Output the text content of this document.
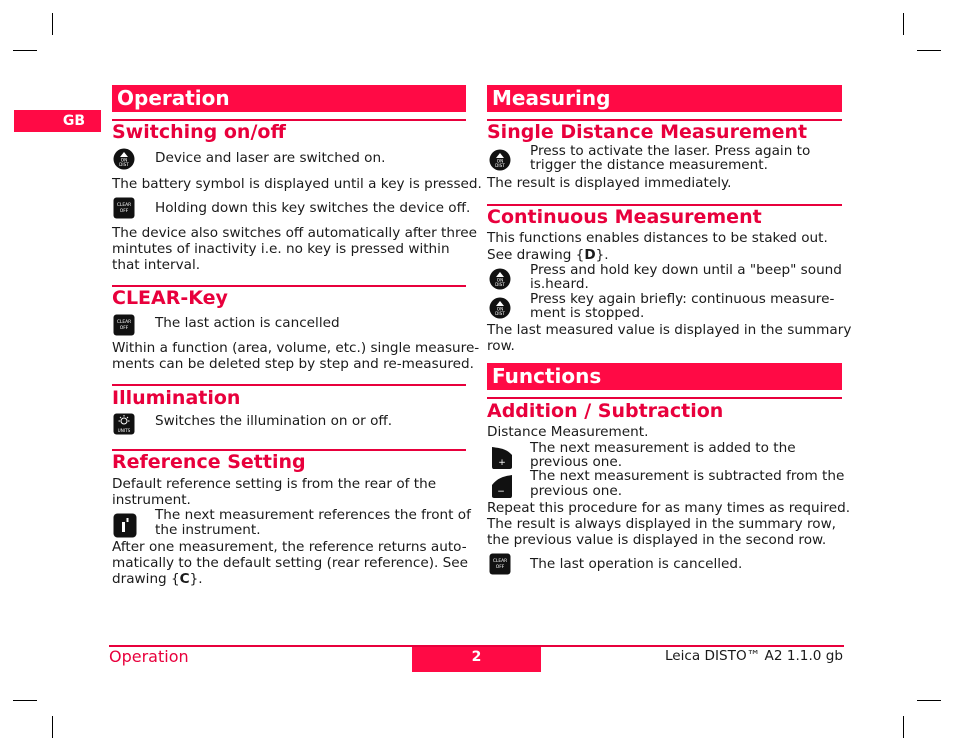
GB
Operation
Switching on/off
ON
DIST Device and laser are switched on.
The battery symbol is displayed until a key is pressed.
CLEAR
OFF Holding down this key switches the device off.
The device also switches off automatically after three
mintutes of inactivity i.e. no key is pressed within
that interval.
CLEAR-Key
CLEAR
OFF The last action is cancelled
Within a function (area, volume, etc.) single measure-
ments can be deleted step by step and re-measured.
Illumination
UNITS
Switches the illumination on or off.
Reference Setting
Default reference setting is from the rear of the
instrument.
The next measurement references the front of
the instrument.
After one measurement, the reference returns auto-
matically to the default setting (rear reference). See
drawing {C}.
Measuring
Single Distance Measurement
ON
DIST
Press to activate the laser. Press again to
trigger the distance measurement.
The result is displayed immediately.
Continuous Measurement
This functions enables distances to be staked out.
See drawing {D}.
ON
DIST
Press and hold key down until a "beep" sound
is.heard.
ON
DIST
Press key again briefly: continuous measure-
ment is stopped.
The last measured value is displayed in the summary
row.
Functions
Addition / Subtraction
Distance Measurement.
+
The next measurement is added to the
previous one.
−
The next measurement is subtracted from the
previous one.
Repeat this procedure for as many times as required.
The result is always displayed in the summary row,
the previous value is displayed in the second row.
CLEAR
OFF The last operation is cancelled.
Operation	2	Leica DISTO™ A2 1.1.0 gb
